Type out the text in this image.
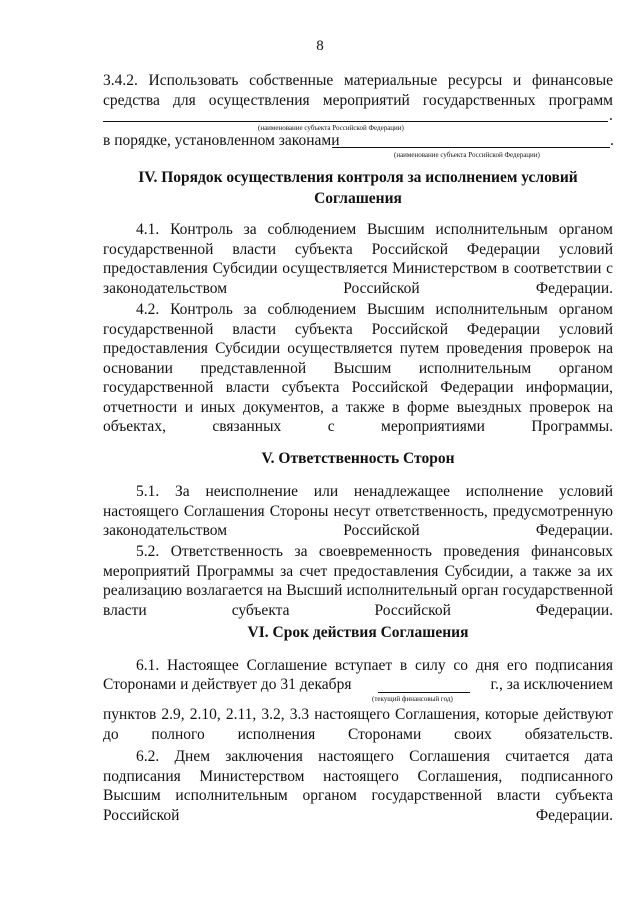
8
3.4.2. Использовать собственные материальные ресурсы и финансовые
средства для осуществления мероприятий государственных программ
.
(наименование субъекта Российской Федерации)
в порядке, установленном законами	.
(наименование субъекта Российской Федерации)
IV. Порядок осуществления контроля за исполнением условий Соглашения
4.1. Контроль за соблюдением Высшим исполнительным органом государственной власти субъекта Российской Федерации условий предоставления Субсидии осуществляется Министерством в соответствии с законодательством Российской Федерации.
4.2. Контроль за соблюдением Высшим исполнительным органом государственной власти субъекта Российской Федерации условий предоставления Субсидии осуществляется путем проведения проверок на основании представленной Высшим исполнительным органом государственной власти субъекта Российской Федерации информации, отчетности и иных документов, а также в форме выездных проверок на объектах, связанных с мероприятиями Программы.
V. Ответственность Сторон
5.1. За неисполнение или ненадлежащее исполнение условий настоящего Соглашения Стороны несут ответственность, предусмотренную законодательством Российской Федерации.
5.2. Ответственность за своевременность проведения финансовых мероприятий Программы за счет предоставления Субсидии, а также за их реализацию возлагается на Высший исполнительный орган государственной власти субъекта Российской Федерации.
VI. Срок действия Соглашения
6.1. Настоящее Соглашение вступает в силу со дня его подписания
Сторонами и действует до 31 декабря	г., за исключением
(текущий финансовый год)
пунктов 2.9, 2.10, 2.11, 3.2, 3.3 настоящего Соглашения, которые действуют до полного исполнения Сторонами своих обязательств.
6.2. Днем заключения настоящего Соглашения считается дата подписания Министерством настоящего Соглашения, подписанного Высшим исполнительным органом государственной власти субъекта Российской Федерации.
